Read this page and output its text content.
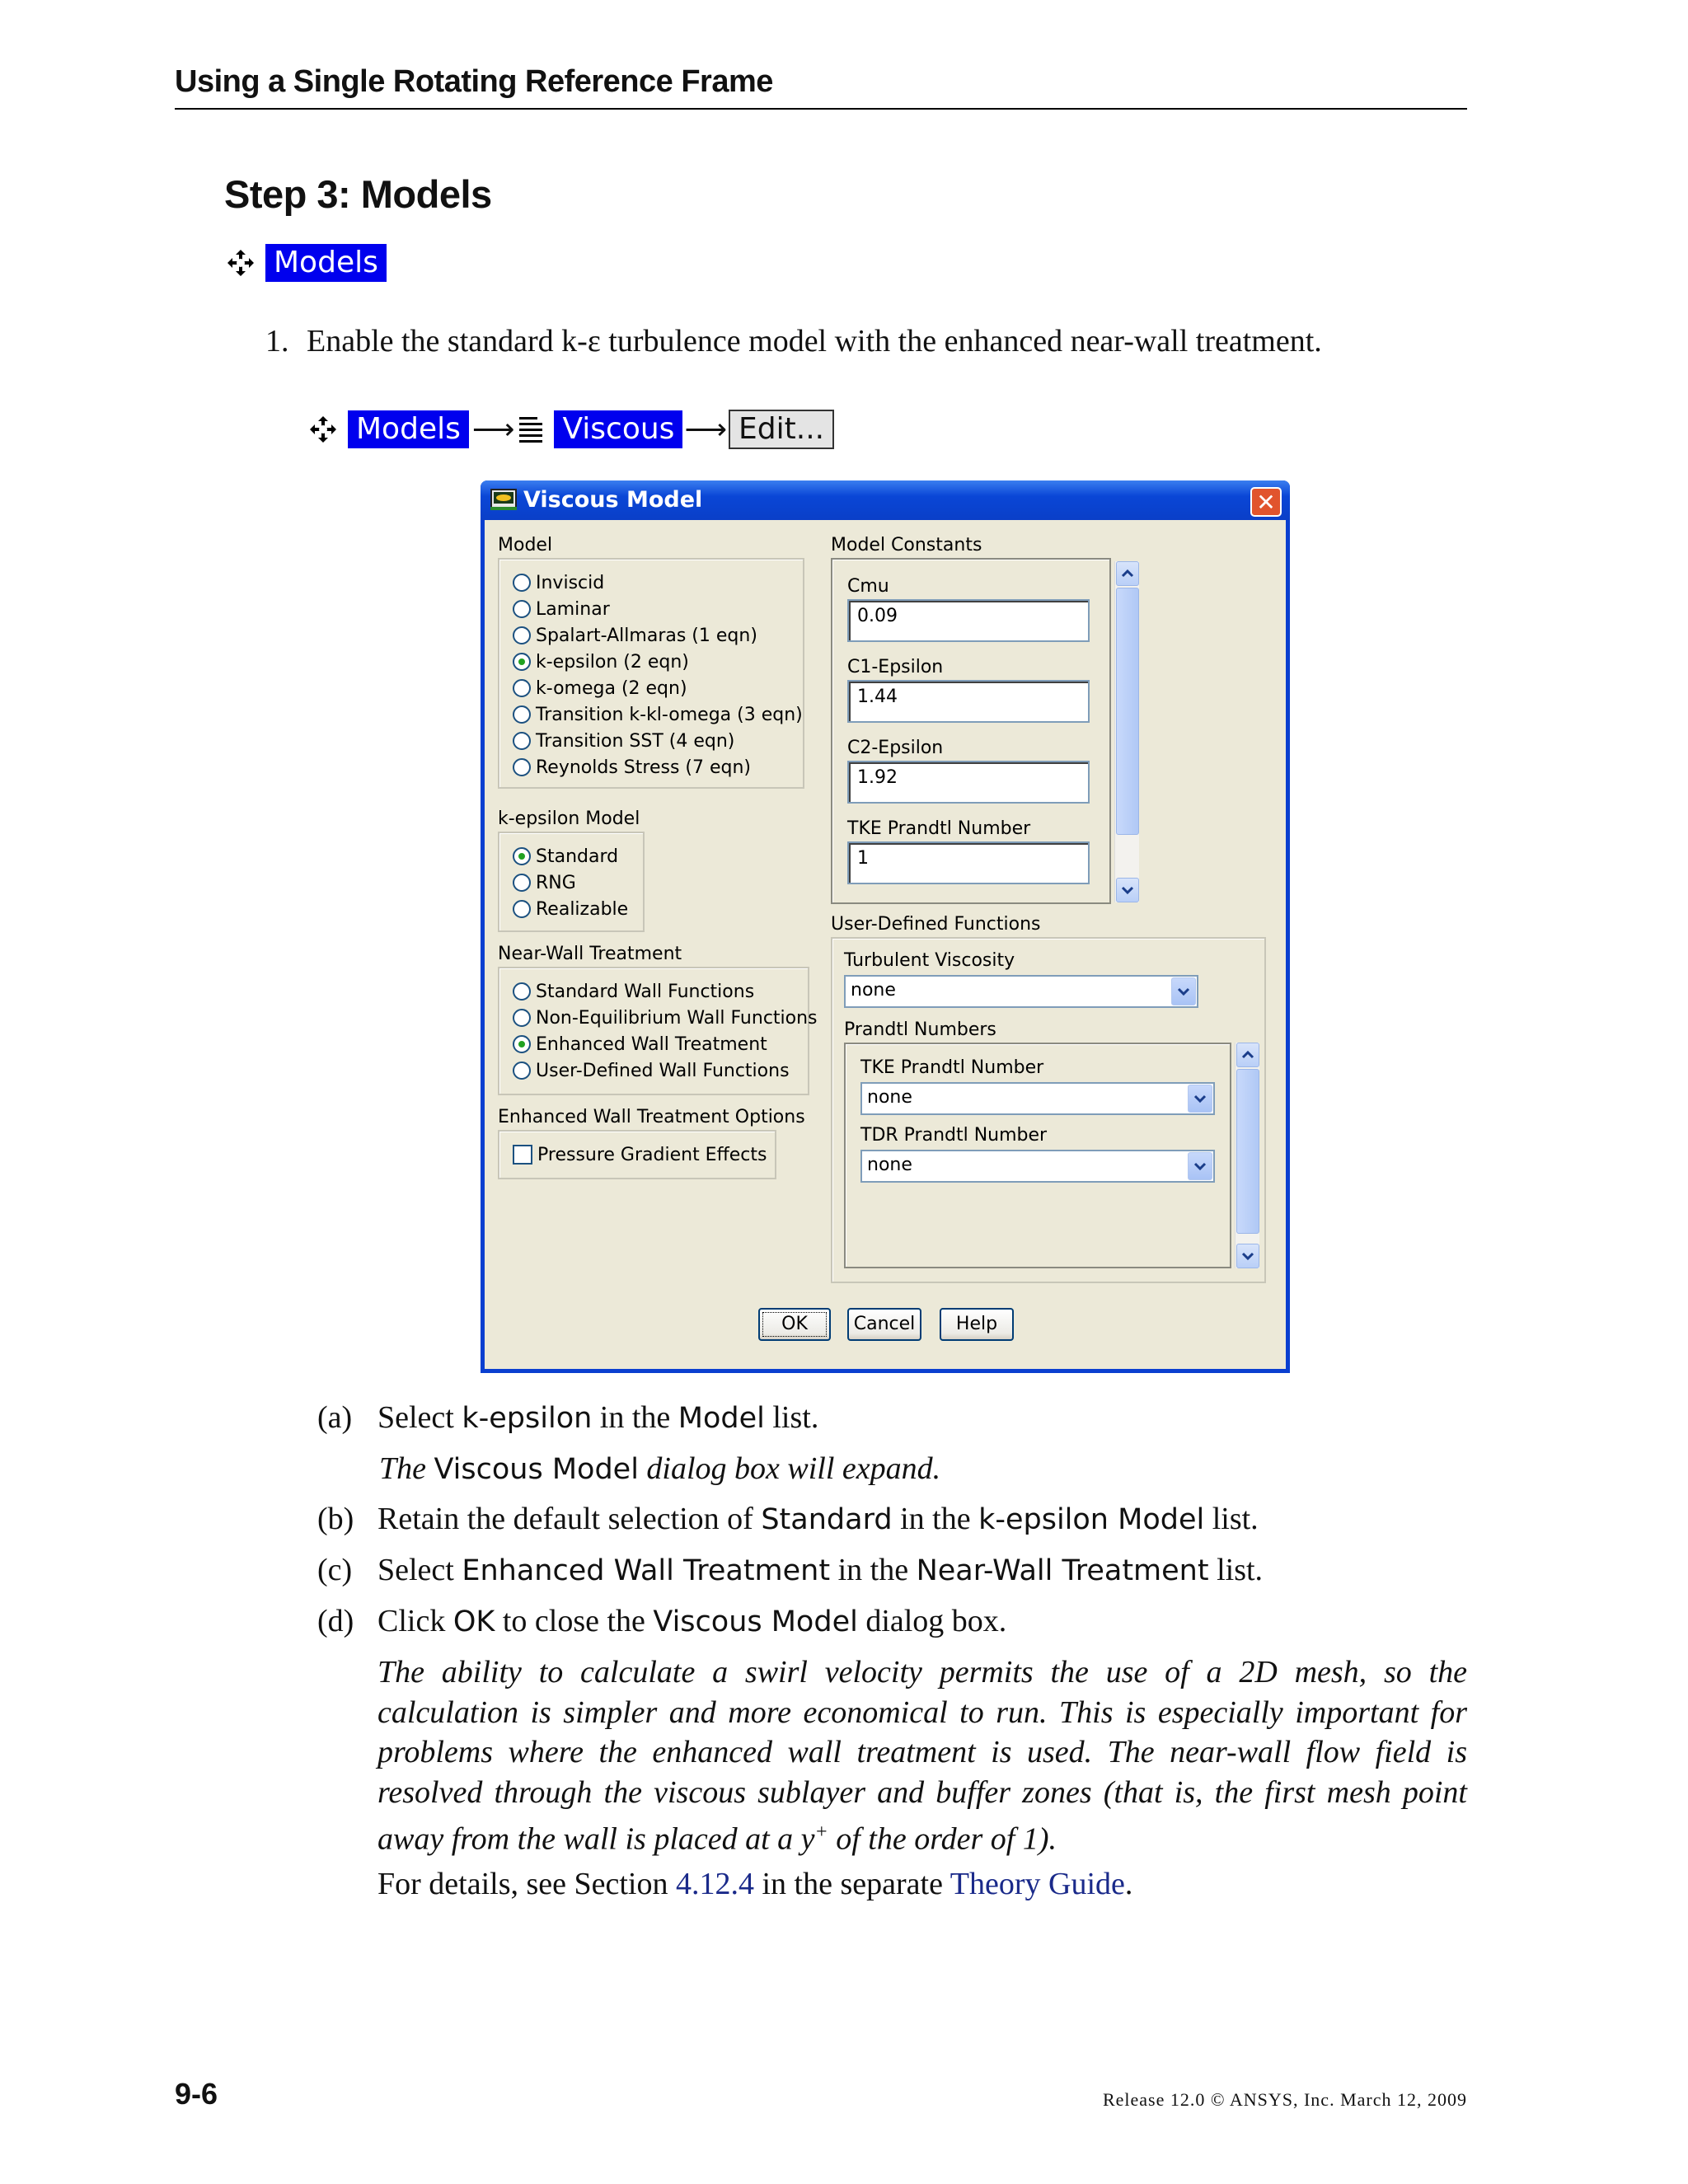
Using a Single Rotating Reference Frame
Step 3: Models
Models
1. Enable the standard k-ε turbulence model with the enhanced near-wall treatment.
Models ⟶ Viscous ⟶ Edit...
Viscous Model	✕
Model
Inviscid
Laminar
Spalart-Allmaras (1 eqn)
k-epsilon (2 eqn)
k-omega (2 eqn)
Transition k-kl-omega (3 eqn)
Transition SST (4 eqn)
Reynolds Stress (7 eqn)
k-epsilon Model
Standard
RNG
Realizable
Near-Wall Treatment
Standard Wall Functions
Non-Equilibrium Wall Functions
Enhanced Wall Treatment
User-Defined Wall Functions
Enhanced Wall Treatment Options
Pressure Gradient Effects
Model Constants
Cmu
0.09
C1-Epsilon
1.44
C2-Epsilon
1.92
TKE Prandtl Number
1
User-Defined Functions
Turbulent Viscosity
none
Prandtl Numbers
TKE Prandtl Number
none
TDR Prandtl Number
none
OK	Cancel	Help
(a) Select k-epsilon in the Model list.
The Viscous Model dialog box will expand.
(b) Retain the default selection of Standard in the k-epsilon Model list.
(c) Select Enhanced Wall Treatment in the Near-Wall Treatment list.
(d) Click OK to close the Viscous Model dialog box.
The ability to calculate a swirl velocity permits the use of a 2D mesh, so the calculation is simpler and more economical to run. This is especially important for problems where the enhanced wall treatment is used. The near-wall flow field is resolved through the viscous sublayer and buffer zones (that is, the first mesh point away from the wall is placed at a y+ of the order of 1).
For details, see Section 4.12.4 in the separate Theory Guide.
9-6	Release 12.0 © ANSYS, Inc. March 12, 2009
